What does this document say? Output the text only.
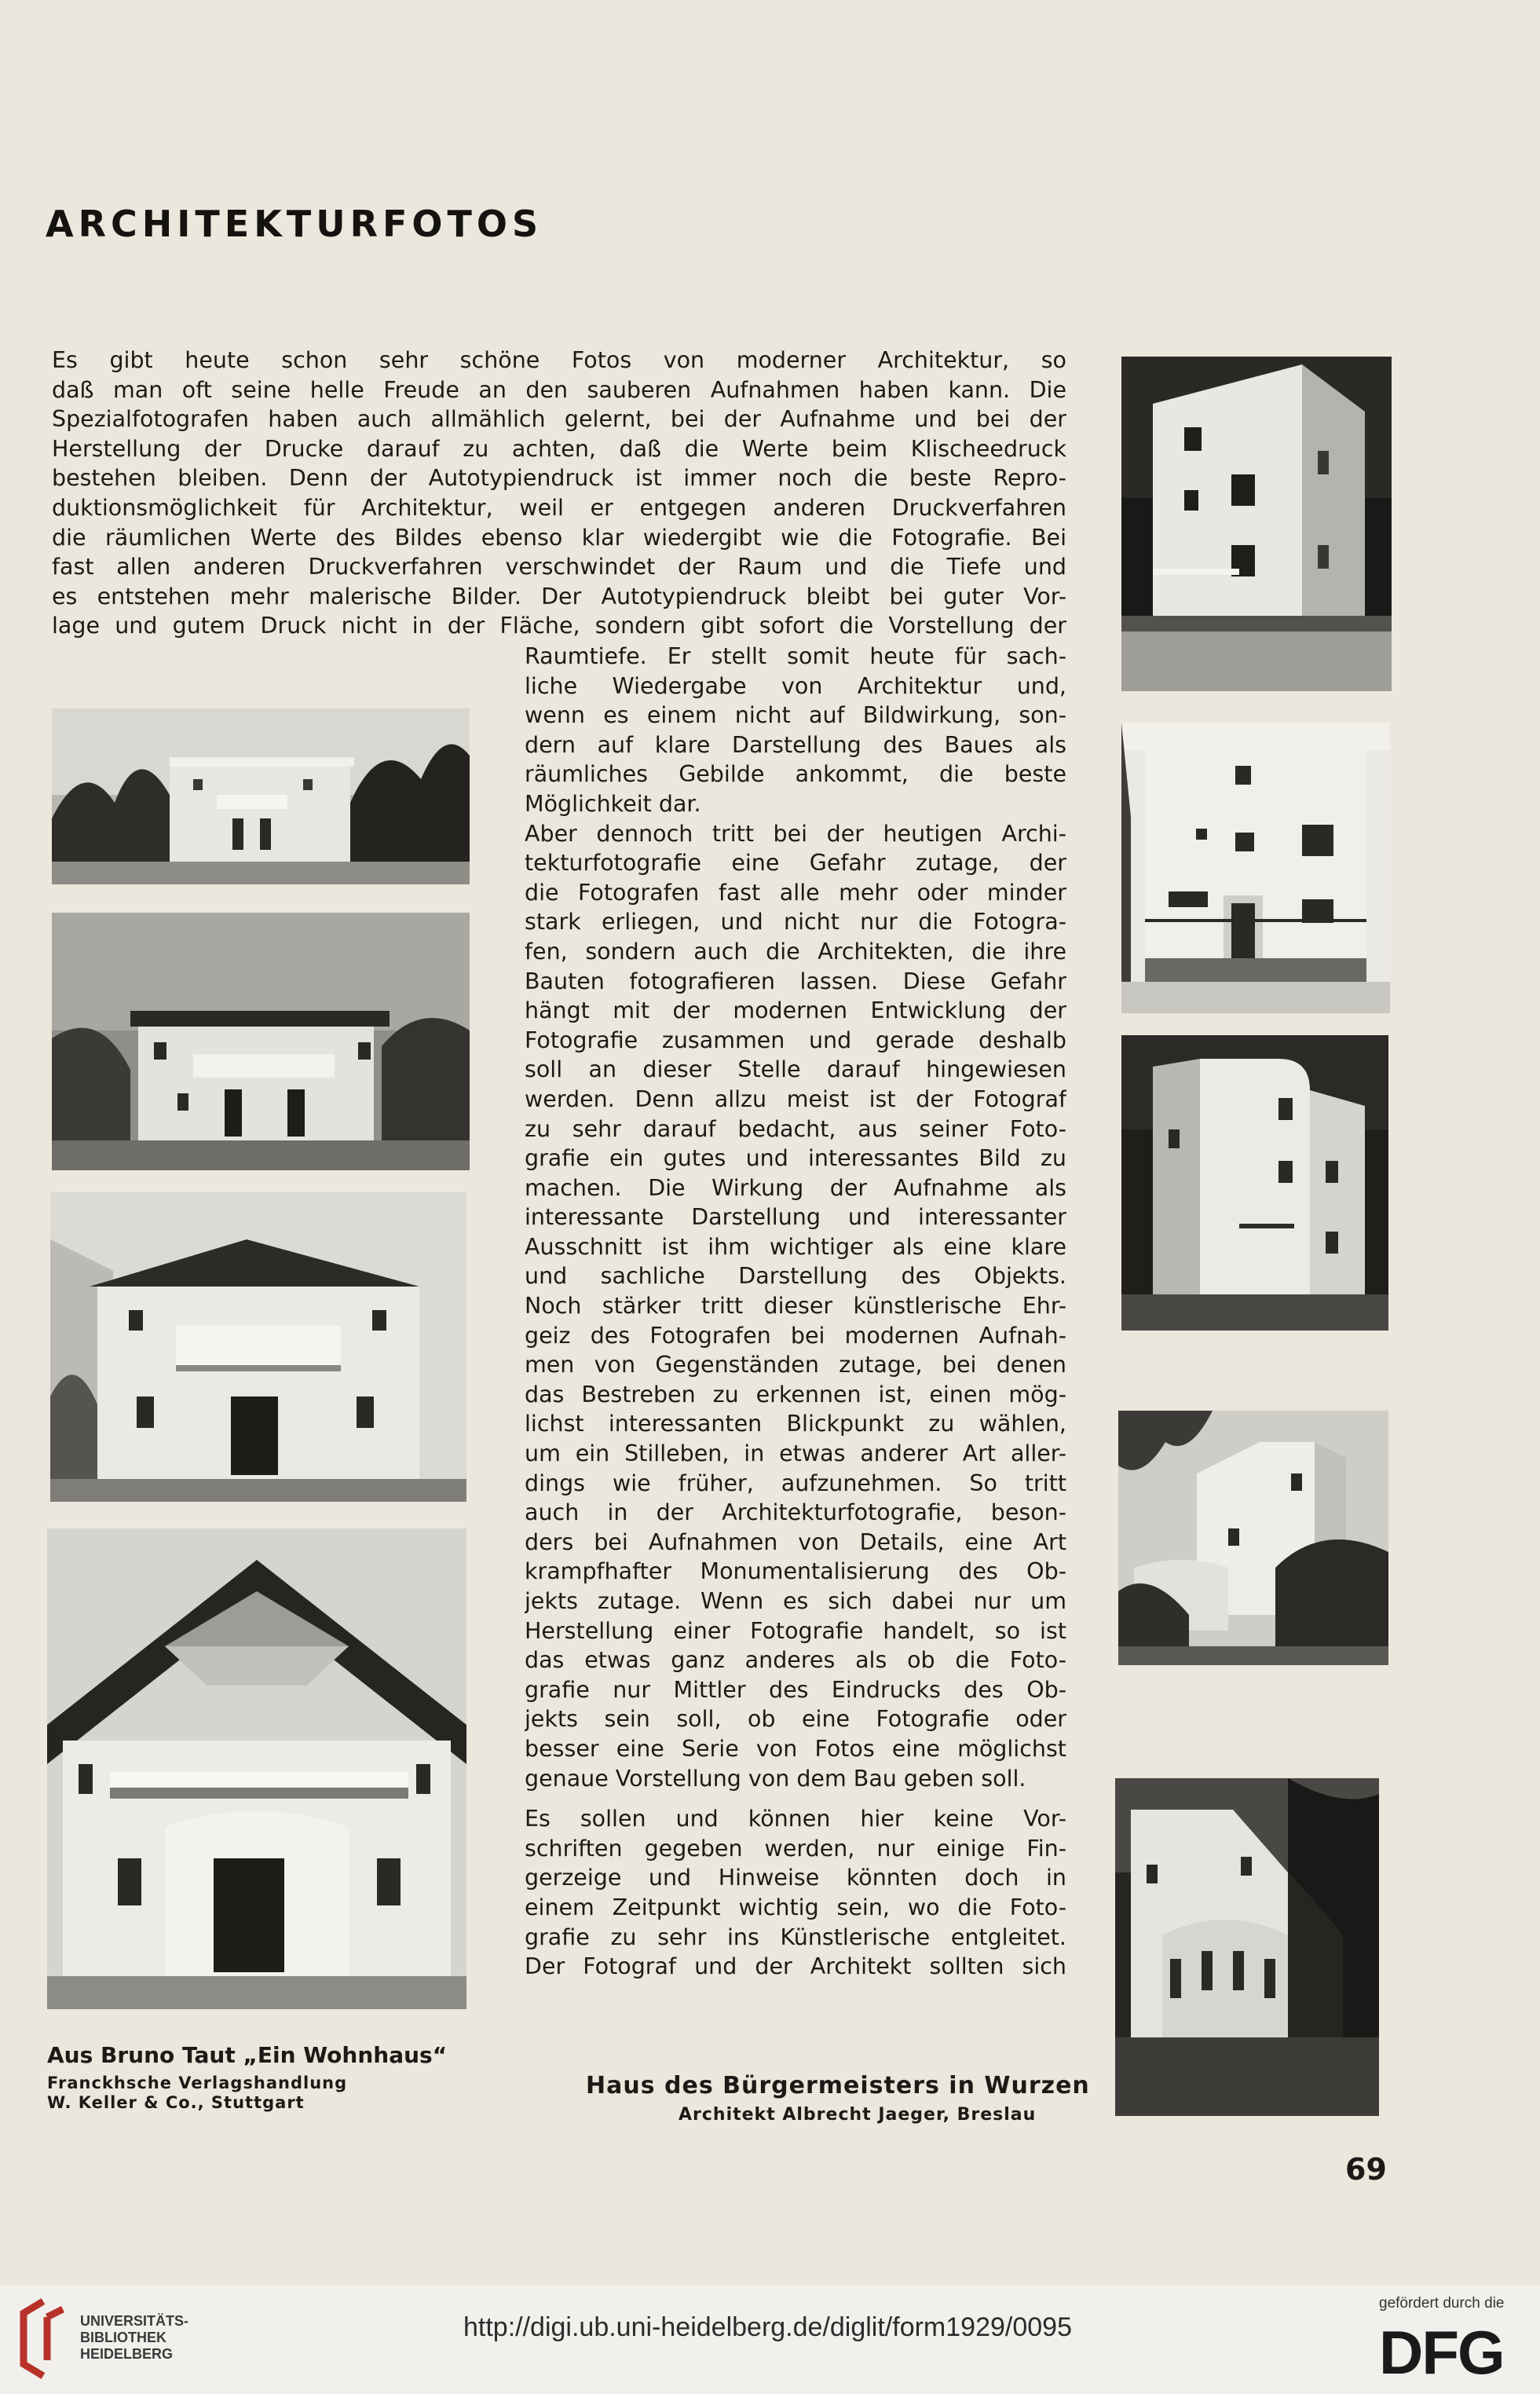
ARCHITEKTURFOTOS
Es gibt heute schon sehr schöne Fotos von moderner Architektur, so
daß man oft seine helle Freude an den sauberen Aufnahmen haben kann. Die
Spezialfotografen haben auch allmählich gelernt, bei der Aufnahme und bei der
Herstellung der Drucke darauf zu achten, daß die Werte beim Klischeedruck
bestehen bleiben. Denn der Autotypiendruck ist immer noch die beste Repro-
duktionsmöglichkeit für Architektur, weil er entgegen anderen Druckverfahren
die räumlichen Werte des Bildes ebenso klar wiedergibt wie die Fotografie. Bei
fast allen anderen Druckverfahren verschwindet der Raum und die Tiefe und
es entstehen mehr malerische Bilder. Der Autotypiendruck bleibt bei guter Vor-
lage und gutem Druck nicht in der Fläche, sondern gibt sofort die Vorstellung der
Raumtiefe. Er stellt somit heute für sach-
liche Wiedergabe von Architektur und,
wenn es einem nicht auf Bildwirkung, son-
dern auf klare Darstellung des Baues als
räumliches Gebilde ankommt, die beste
Möglichkeit dar.
Aber dennoch tritt bei der heutigen Archi-
tekturfotografie eine Gefahr zutage, der
die Fotografen fast alle mehr oder minder
stark erliegen, und nicht nur die Fotogra-
fen, sondern auch die Architekten, die ihre
Bauten fotografieren lassen. Diese Gefahr
hängt mit der modernen Entwicklung der
Fotografie zusammen und gerade deshalb
soll an dieser Stelle darauf hingewiesen
werden. Denn allzu meist ist der Fotograf
zu sehr darauf bedacht, aus seiner Foto-
grafie ein gutes und interessantes Bild zu
machen. Die Wirkung der Aufnahme als
interessante Darstellung und interessanter
Ausschnitt ist ihm wichtiger als eine klare
und sachliche Darstellung des Objekts.
Noch stärker tritt dieser künstlerische Ehr-
geiz des Fotografen bei modernen Aufnah-
men von Gegenständen zutage, bei denen
das Bestreben zu erkennen ist, einen mög-
lichst interessanten Blickpunkt zu wählen,
um ein Stilleben, in etwas anderer Art aller-
dings wie früher, aufzunehmen. So tritt
auch in der Architekturfotografie, beson-
ders bei Aufnahmen von Details, eine Art
krampfhafter Monumentalisierung des Ob-
jekts zutage. Wenn es sich dabei nur um
Herstellung einer Fotografie handelt, so ist
das etwas ganz anderes als ob die Foto-
grafie nur Mittler des Eindrucks des Ob-
jekts sein soll, ob eine Fotografie oder
besser eine Serie von Fotos eine möglichst
genaue Vorstellung von dem Bau geben soll.
Es sollen und können hier keine Vor-
schriften gegeben werden, nur einige Fin-
gerzeige und Hinweise könnten doch in
einem Zeitpunkt wichtig sein, wo die Foto-
grafie zu sehr ins Künstlerische entgleitet.
Der Fotograf und der Architekt sollten sich
Aus Bruno Taut „Ein Wohnhaus“
Franckhsche Verlagshandlung
W. Keller & Co., Stuttgart
Haus des Bürgermeisters in Wurzen
Architekt Albrecht Jaeger, Breslau
69
UNIVERSITÄTS-
BIBLIOTHEK
HEIDELBERG
http://digi.ub.uni-heidelberg.de/diglit/form1929/0095
gefördert durch die
DFG
